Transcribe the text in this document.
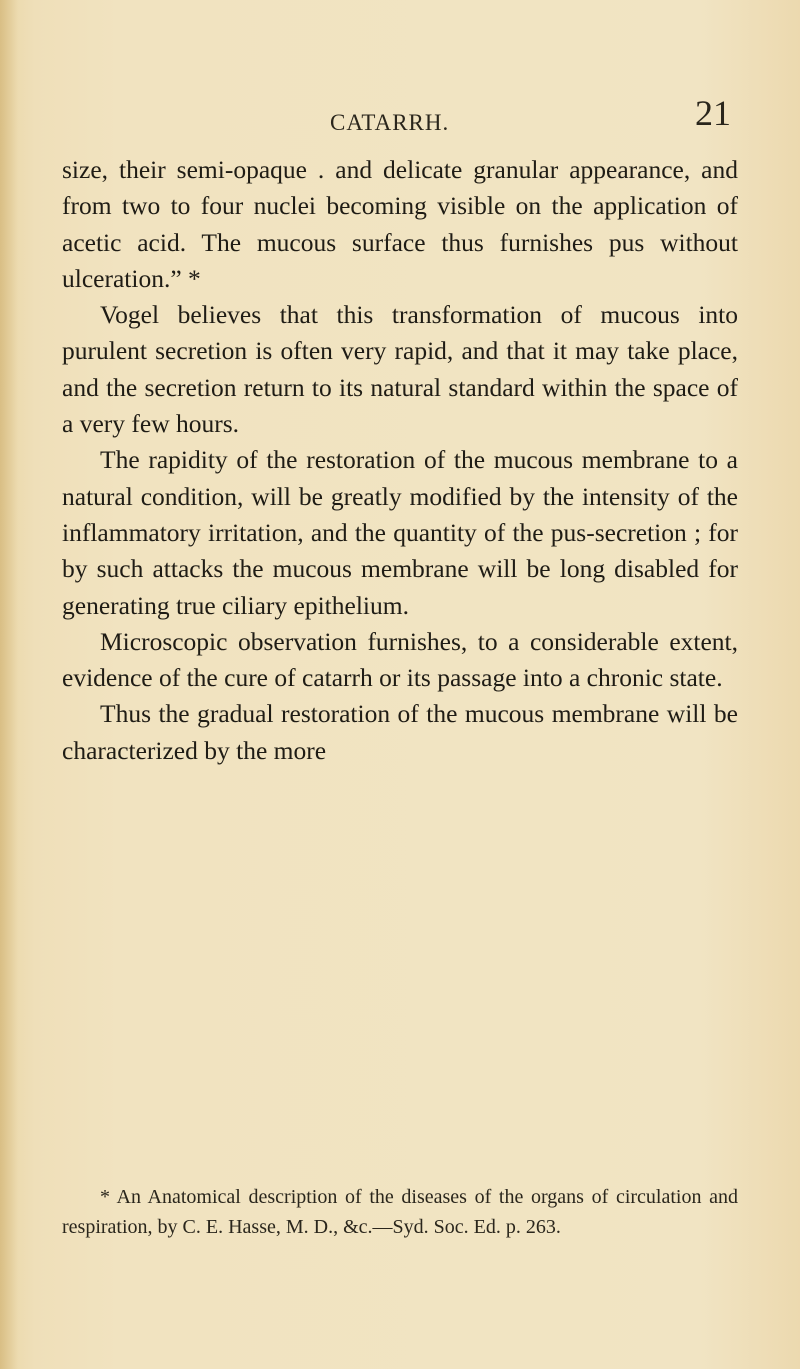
CATARRH.	21

size, their semi-opaque . and delicate granular appearance, and from two to four nuclei becoming visible on the application of acetic acid. The mucous surface thus furnishes pus without ulceration.” *

Vogel believes that this transformation of mucous into purulent secretion is often very rapid, and that it may take place, and the secretion return to its natural standard within the space of a very few hours.

The rapidity of the restoration of the mucous membrane to a natural condition, will be greatly modified by the intensity of the inflammatory irritation, and the quantity of the pus-secretion ; for by such attacks the mucous membrane will be long disabled for generating true ciliary epithelium.

Microscopic observation furnishes, to a considerable extent, evidence of the cure of catarrh or its passage into a chronic state.

Thus the gradual restoration of the mucous membrane will be characterized by the more

* An Anatomical description of the diseases of the organs of circulation and respiration, by C. E. Hasse, M. D., &c.—Syd. Soc. Ed. p. 263.
